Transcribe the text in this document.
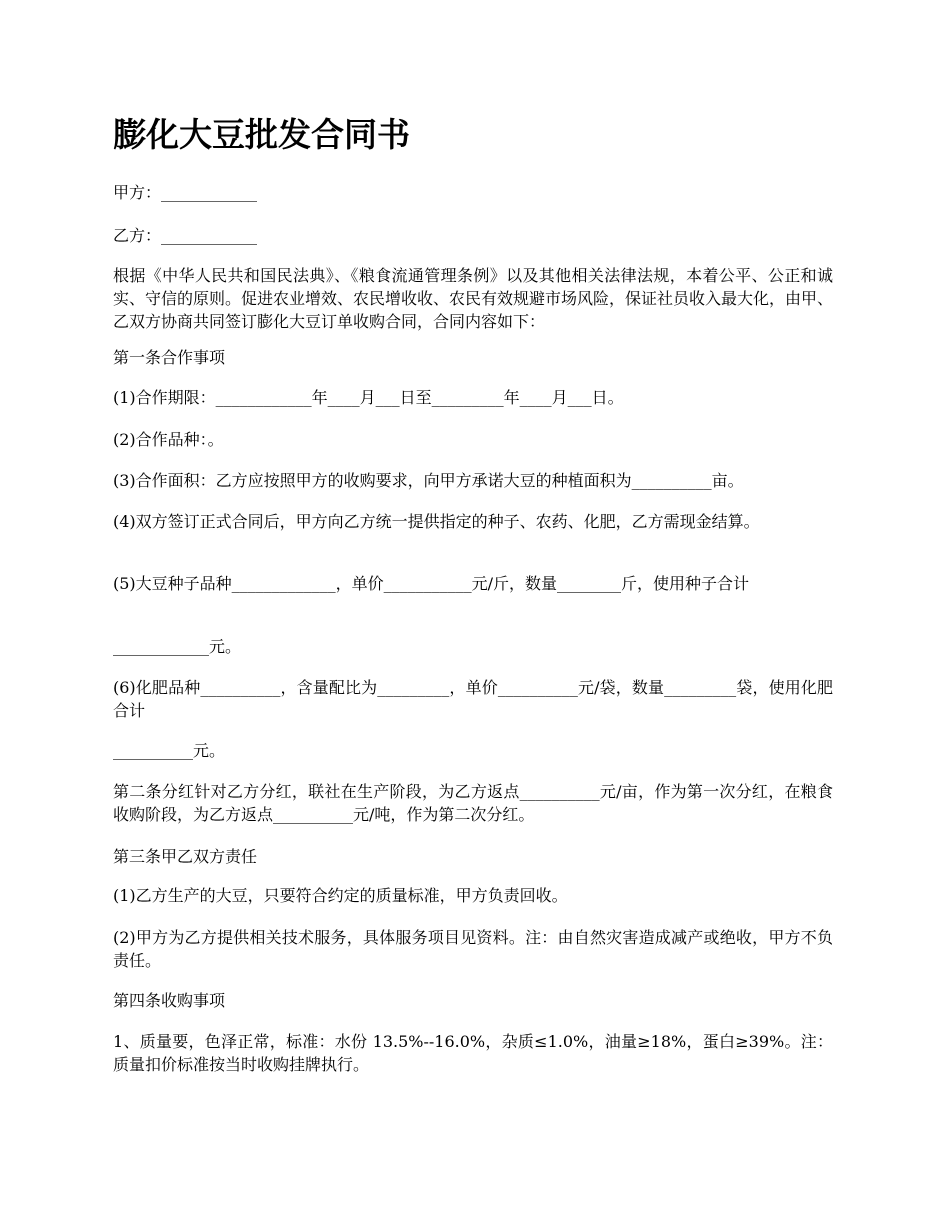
膨化大豆批发合同书

甲方：____________

乙方：____________

根据《中华人民共和国民法典》、《粮食流通管理条例》以及其他相关法律法规，本着公平、公正和诚实、守信的原则。促进农业增效、农民增收收、农民有效规避市场风险，保证社员收入最大化，由甲、乙双方协商共同签订膨化大豆订单收购合同，合同内容如下：

第一条合作事项

(1)合作期限：____________年____月___日至_________年____月___日。

(2)合作品种：。

(3)合作面积：乙方应按照甲方的收购要求，向甲方承诺大豆的种植面积为__________亩。

(4)双方签订正式合同后，甲方向乙方统一提供指定的种子、农药、化肥，乙方需现金结算。

(5)大豆种子品种_____________，单价___________元/斤，数量________斤，使用种子合计

____________元。

(6)化肥品种__________，含量配比为_________，单价__________元/袋，数量_________袋，使用化肥合计

__________元。

第二条分红针对乙方分红，联社在生产阶段，为乙方返点__________元/亩，作为第一次分红，在粮食收购阶段，为乙方返点__________元/吨，作为第二次分红。

第三条甲乙双方责任

(1)乙方生产的大豆，只要符合约定的质量标准，甲方负责回收。

(2)甲方为乙方提供相关技术服务，具体服务项目见资料。注：由自然灾害造成减产或绝收，甲方不负责任。

第四条收购事项

1、质量要，色泽正常，标准：水份 13.5%--16.0%，杂质≤1.0%，油量≥18%，蛋白≥39%。注：质量扣价标准按当时收购挂牌执行。
